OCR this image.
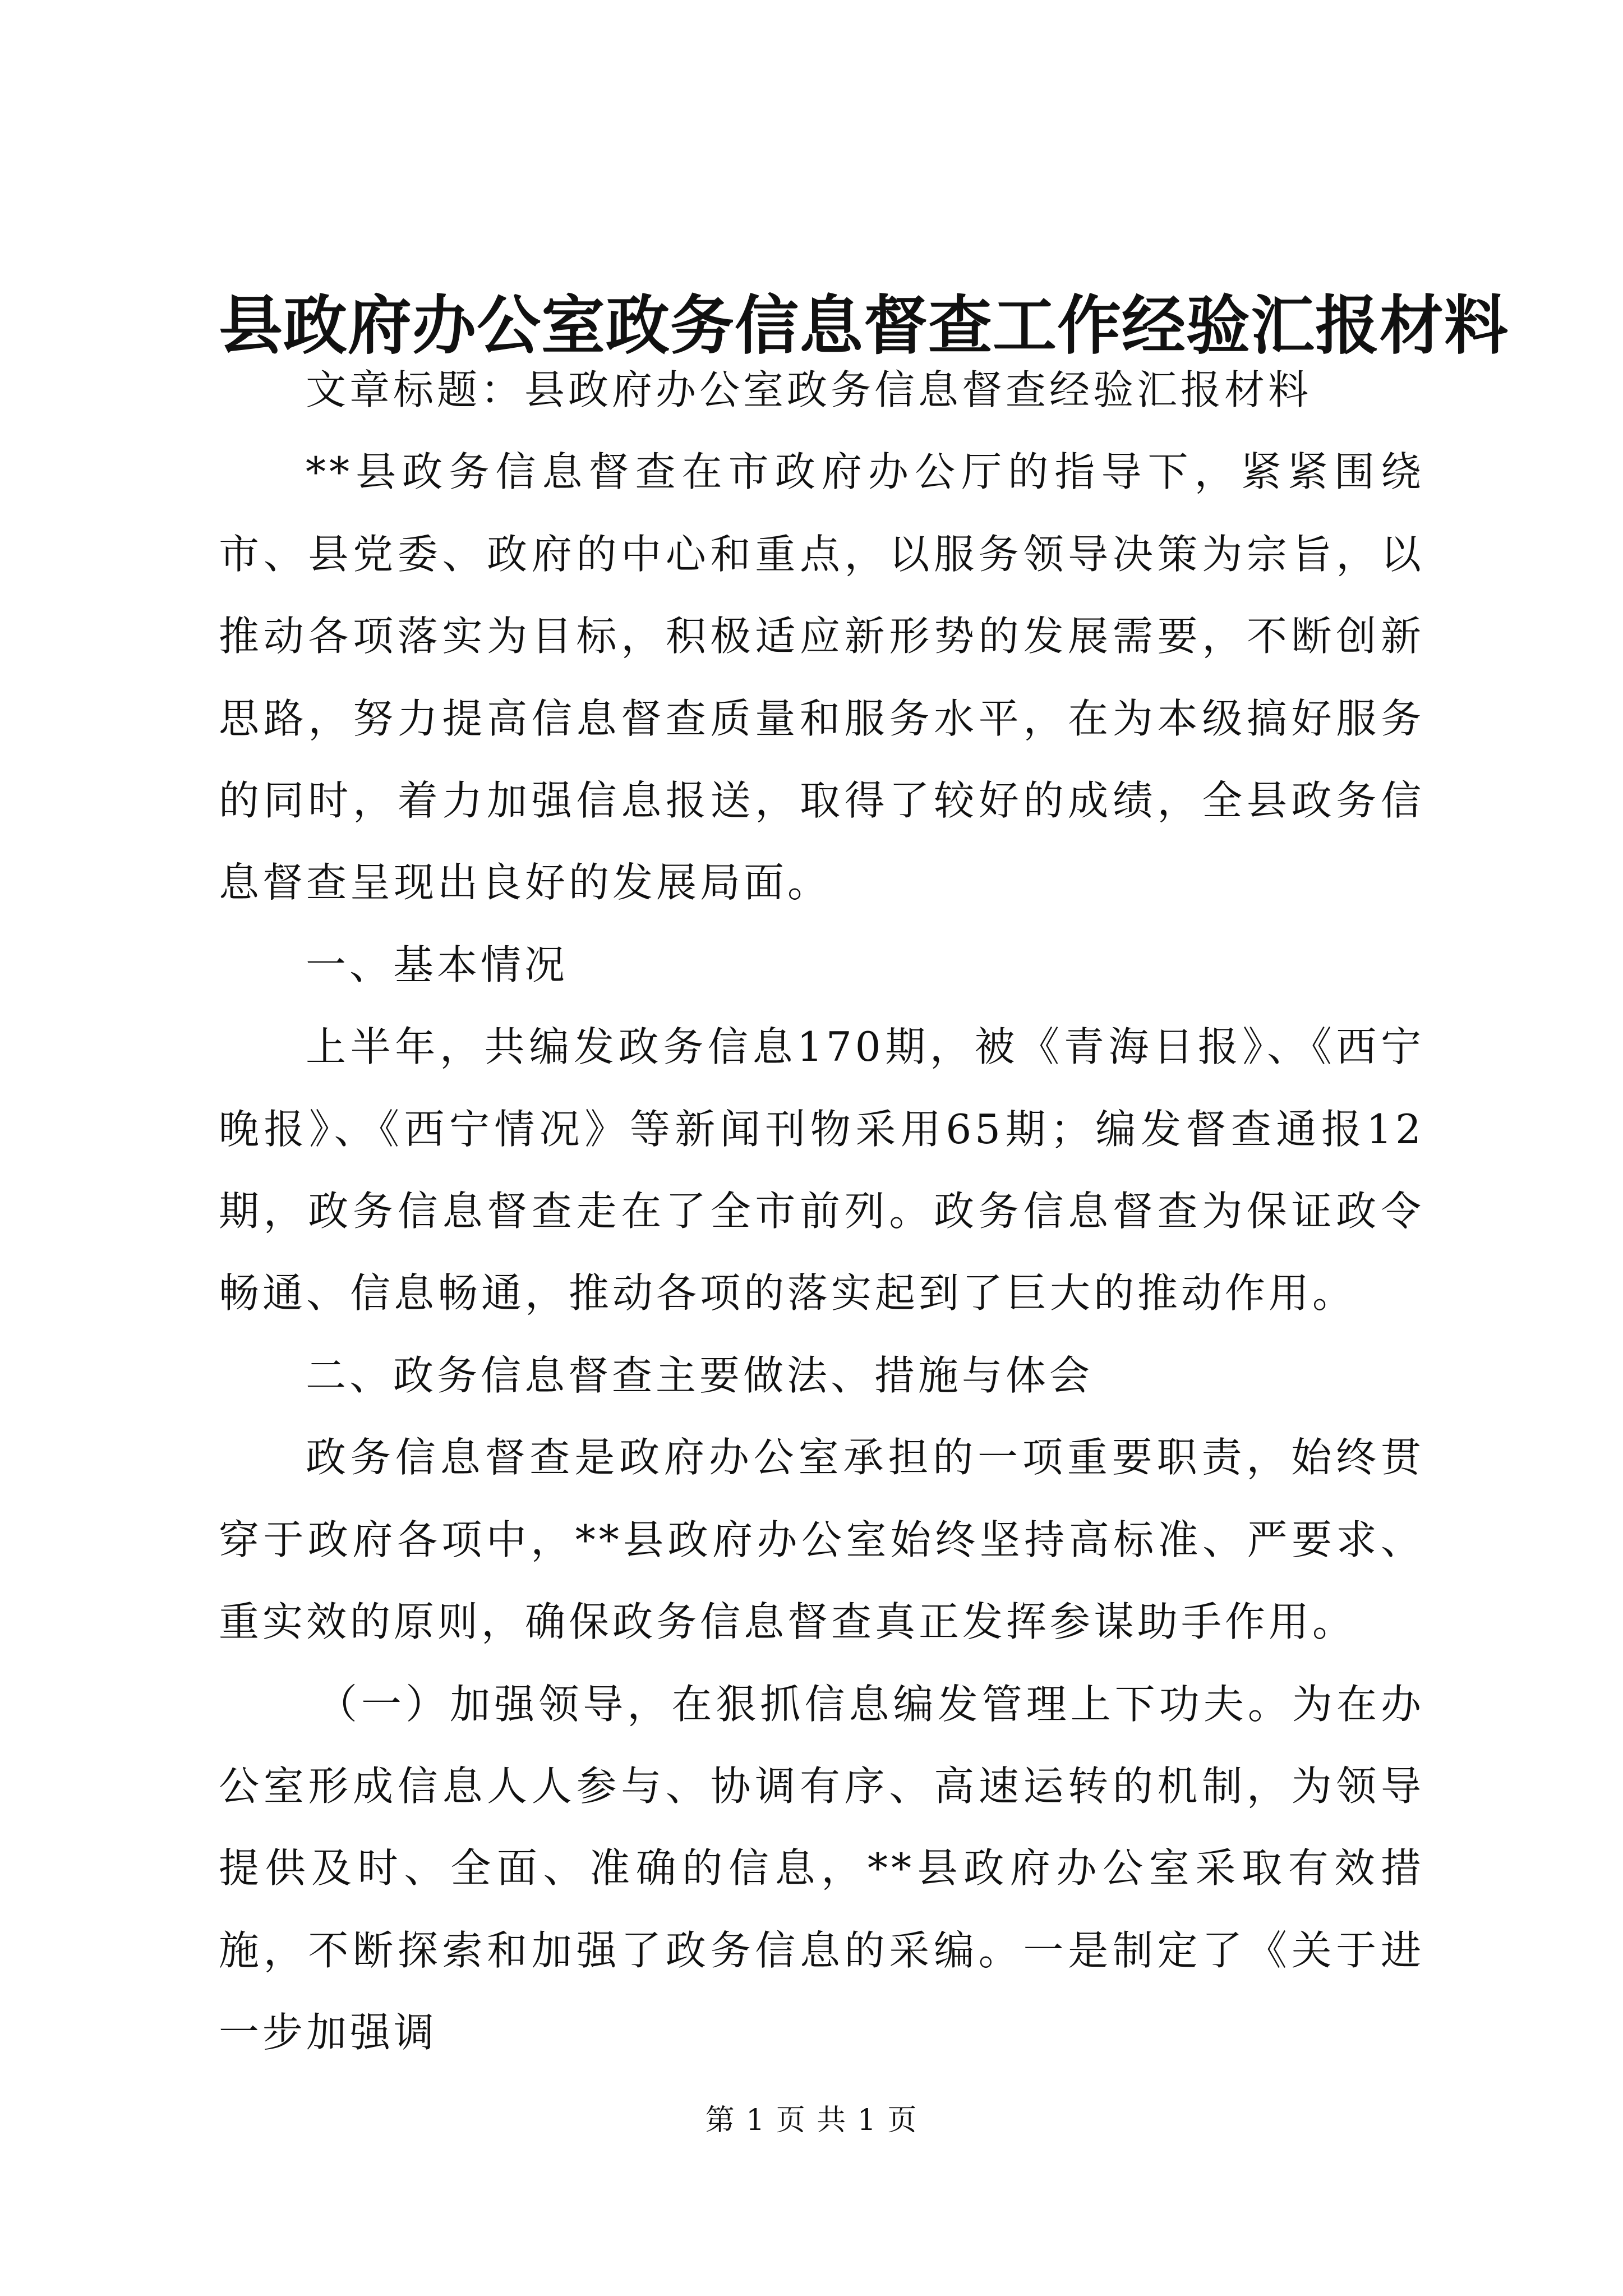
县政府办公室政务信息督查工作经验汇报材料

文章标题：县政府办公室政务信息督查经验汇报材料

**县政务信息督查在市政府办公厅的指导下，紧紧围绕市、县党委、政府的中心和重点，以服务领导决策为宗旨，以推动各项落实为目标，积极适应新形势的发展需要，不断创新思路，努力提高信息督查质量和服务水平，在为本级搞好服务的同时，着力加强信息报送，取得了较好的成绩，全县政务信息督查呈现出良好的发展局面。

一、基本情况

上半年，共编发政务信息170期，被《青海日报》、《西宁晚报》、《西宁情况》等新闻刊物采用65期；编发督查通报12期，政务信息督查走在了全市前列。政务信息督查为保证政令畅通、信息畅通，推动各项的落实起到了巨大的推动作用。

二、政务信息督查主要做法、措施与体会

政务信息督查是政府办公室承担的一项重要职责，始终贯穿于政府各项中，**县政府办公室始终坚持高标准、严要求、重实效的原则，确保政务信息督查真正发挥参谋助手作用。

（一）加强领导，在狠抓信息编发管理上下功夫。为在办公室形成信息人人参与、协调有序、高速运转的机制，为领导提供及时、全面、准确的信息，**县政府办公室采取有效措施，不断探索和加强了政务信息的采编。一是制定了《关于进一步加强调

第 1 页 共 1 页
